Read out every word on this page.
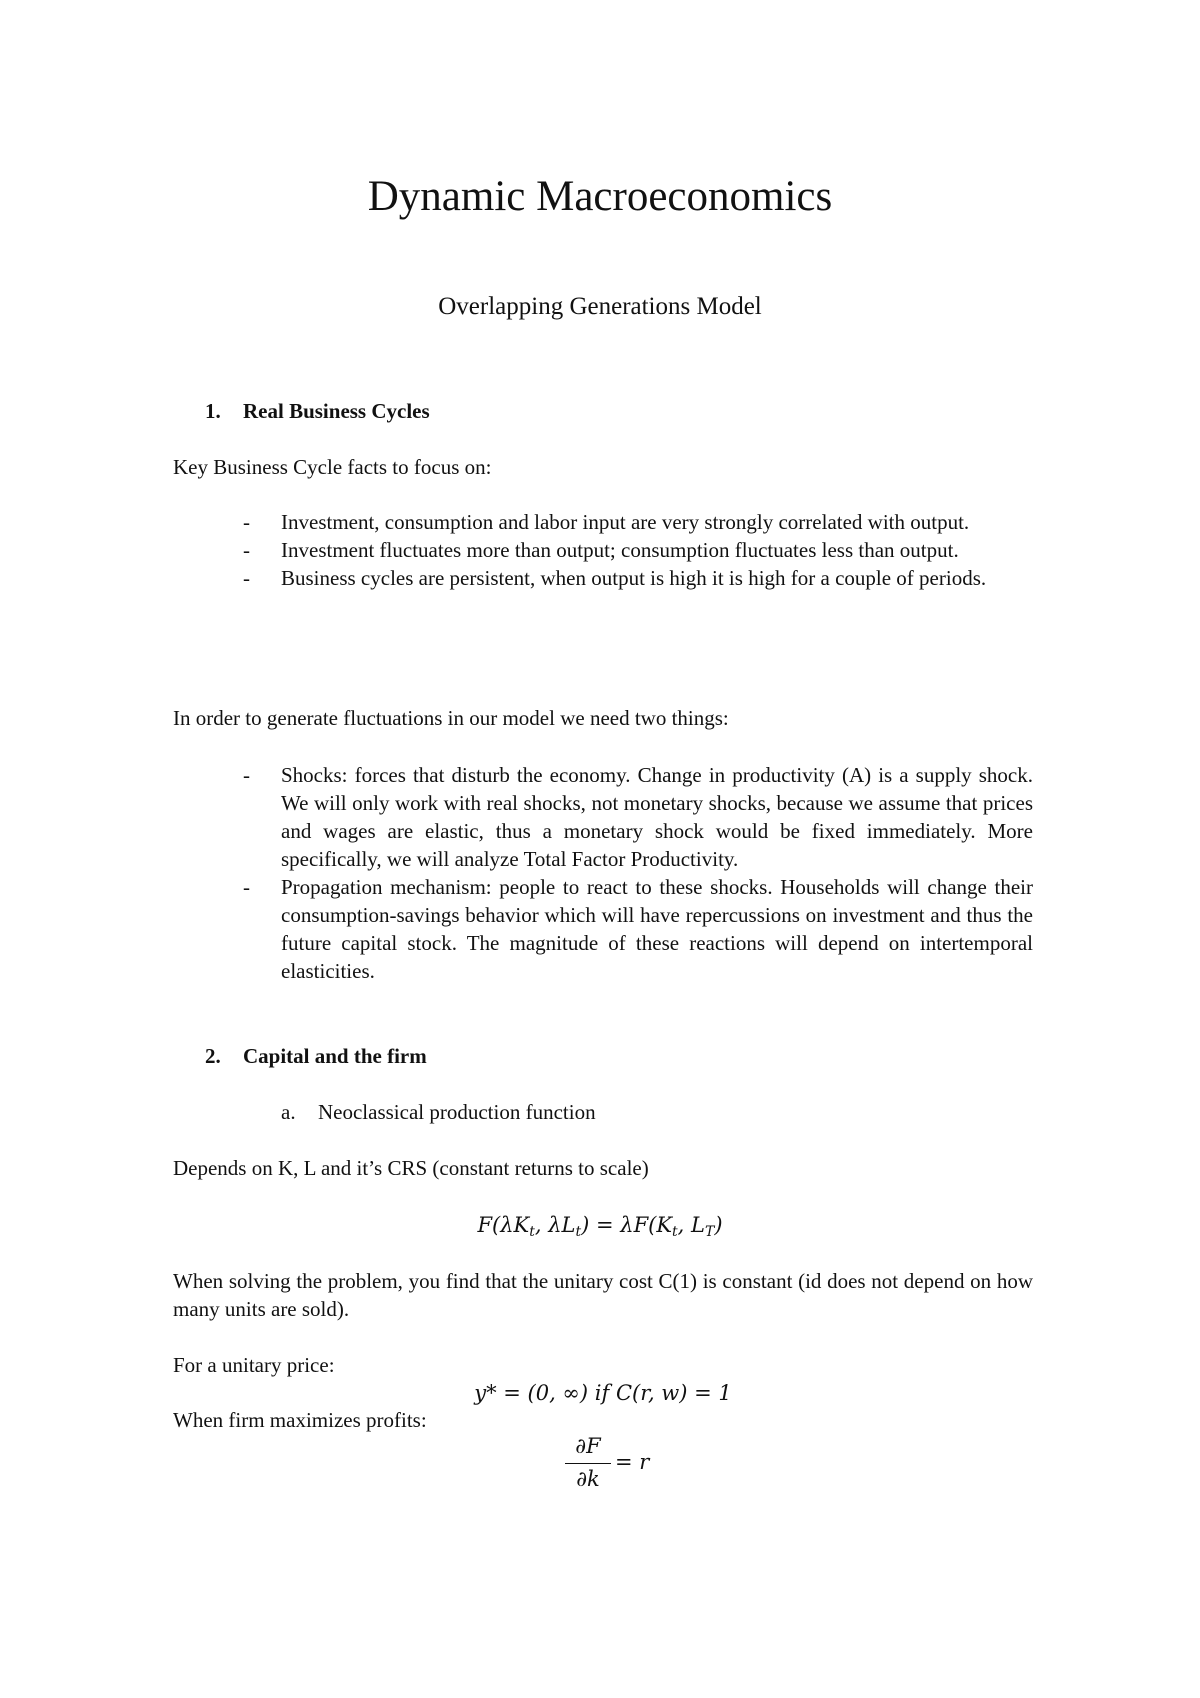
Dynamic Macroeconomics
Overlapping Generations Model
1. Real Business Cycles
Key Business Cycle facts to focus on:
- Investment, consumption and labor input are very strongly correlated with output.
- Investment fluctuates more than output; consumption fluctuates less than output.
- Business cycles are persistent, when output is high it is high for a couple of periods.
In order to generate fluctuations in our model we need two things:
- Shocks: forces that disturb the economy. Change in productivity (A) is a supply shock. We will only work with real shocks, not monetary shocks, because we assume that prices and wages are elastic, thus a monetary shock would be fixed immediately. More specifically, we will analyze Total Factor Productivity.
- Propagation mechanism: people to react to these shocks. Households will change their consumption-savings behavior which will have repercussions on investment and thus the future capital stock. The magnitude of these reactions will depend on intertemporal elasticities.
2. Capital and the firm
a. Neoclassical production function
Depends on K, L and it’s CRS (constant returns to scale)
$F(\lambda K_t$, $\lambda L_t) = \lambda F(K_t$, $L_T$)
When solving the problem, you find that the unitary cost C(1) is constant (id does not depend on how many units are sold).
For a unitary price:
y* = (0, ∞) if C(r, w) = 1
When firm maximizes profits:
∂F
∂k
= r
